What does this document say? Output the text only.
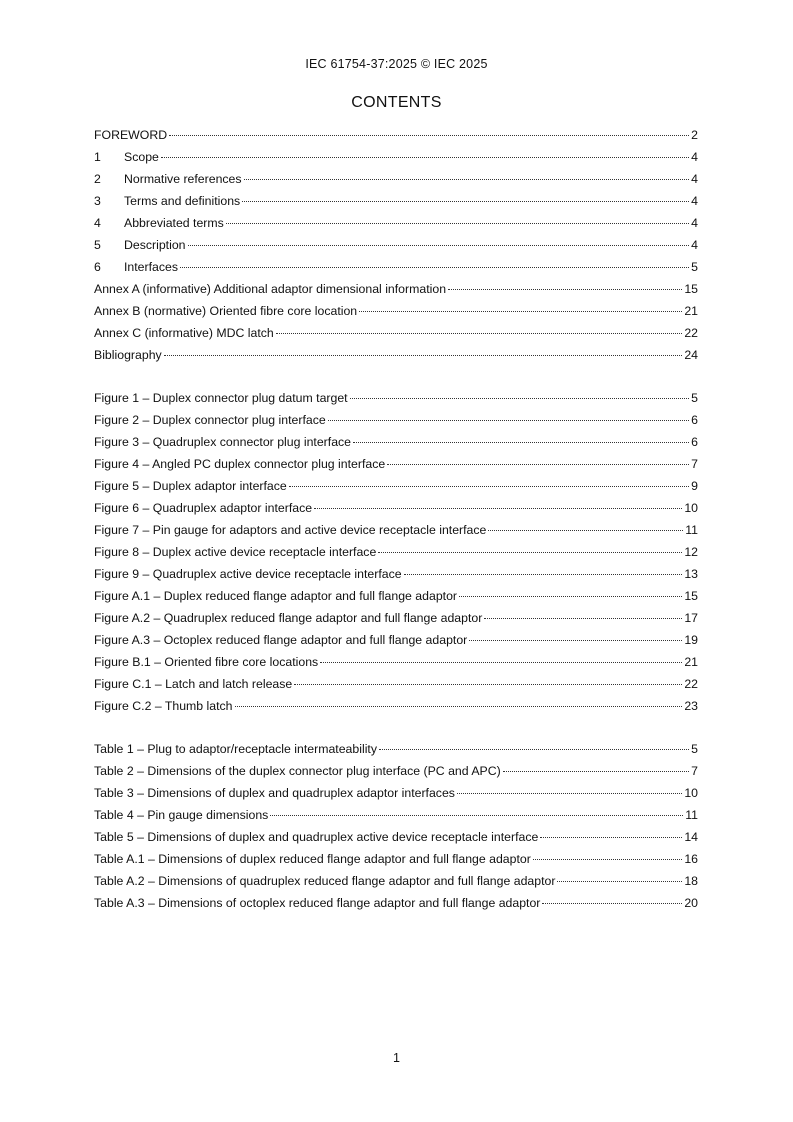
IEC 61754-37:2025 © IEC 2025
CONTENTS
FOREWORD	2
1	Scope	4
2	Normative references	4
3	Terms and definitions	4
4	Abbreviated terms	4
5	Description	4
6	Interfaces	5
Annex A (informative) Additional adaptor dimensional information	15
Annex B (normative) Oriented fibre core location	21
Annex C (informative) MDC latch	22
Bibliography	24
Figure 1 – Duplex connector plug datum target	5
Figure 2 – Duplex connector plug interface	6
Figure 3 – Quadruplex connector plug interface	6
Figure 4 – Angled PC duplex connector plug interface	7
Figure 5 – Duplex adaptor interface	9
Figure 6 – Quadruplex adaptor interface	10
Figure 7 – Pin gauge for adaptors and active device receptacle interface	11
Figure 8 – Duplex active device receptacle interface	12
Figure 9 – Quadruplex active device receptacle interface	13
Figure A.1 – Duplex reduced flange adaptor and full flange adaptor	15
Figure A.2 – Quadruplex reduced flange adaptor and full flange adaptor	17
Figure A.3 – Octoplex reduced flange adaptor and full flange adaptor	19
Figure B.1 – Oriented fibre core locations	21
Figure C.1 – Latch and latch release	22
Figure C.2 – Thumb latch	23
Table 1 – Plug to adaptor/receptacle intermateability	5
Table 2 – Dimensions of the duplex connector plug interface (PC and APC)	7
Table 3 – Dimensions of duplex and quadruplex adaptor interfaces	10
Table 4 – Pin gauge dimensions	11
Table 5 – Dimensions of duplex and quadruplex active device receptacle interface	14
Table A.1 – Dimensions of duplex reduced flange adaptor and full flange adaptor	16
Table A.2 – Dimensions of quadruplex reduced flange adaptor and full flange adaptor	18
Table A.3 – Dimensions of octoplex reduced flange adaptor and full flange adaptor	20
1
